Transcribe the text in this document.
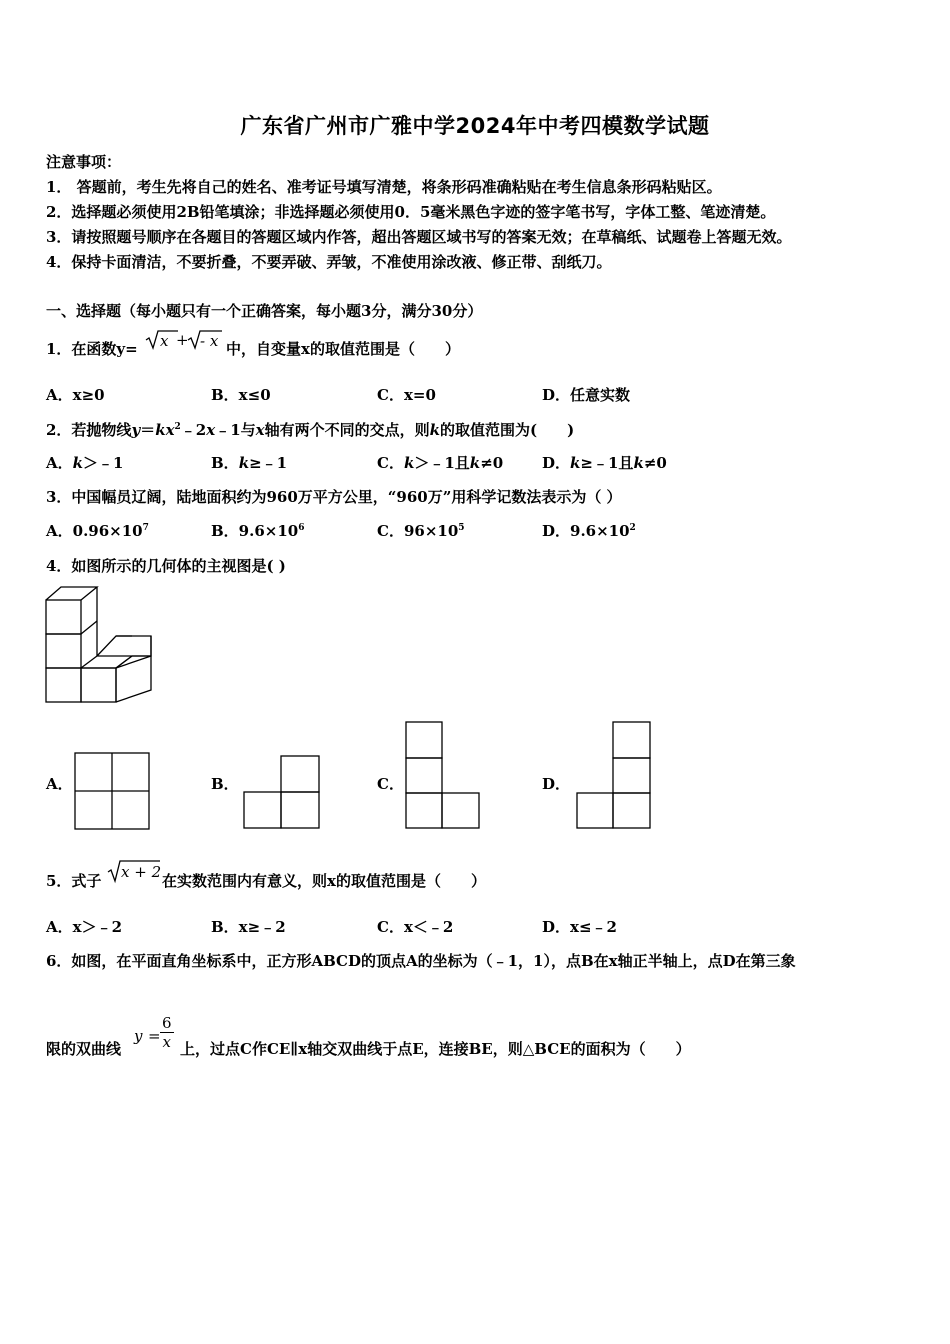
广东省广州市广雅中学2024年中考四模数学试题
注意事项：
1． 答题前，考生先将自己的姓名、准考证号填写清楚，将条形码准确粘贴在考生信息条形码粘贴区。
2．选择题必须使用2B铅笔填涂；非选择题必须使用0．5毫米黑色字迹的签字笔书写，字体工整、笔迹清楚。
3．请按照题号顺序在各题目的答题区域内作答，超出答题区域书写的答案无效；在草稿纸、试题卷上答题无效。
4．保持卡面清洁，不要折叠，不要弄破、弄皱，不准使用涂改液、修正带、刮纸刀。
一、选择题（每小题只有一个正确答案，每小题3分，满分30分）
1．在函数y= x + - x 中，自变量x的取值范围是（　　）
A．x≥0	B．x≤0	C．x=0	D．任意实数
2．若抛物线$y=kx^2﹣2x﹣1$与x轴有两个不同的交点，则k的取值范围为(　　)
A．k＞﹣1	B．k≥﹣1	C．k＞﹣1且k≠0	D．k≥﹣1且k≠0
3．中国幅员辽阔，陆地面积约为960万平方公里，“960万”用科学记数法表示为（ ）
A．$0.96\times 10^7$	B．$9.6\times 10^6$	C．$96\times 10^5$	D．$9.6\times 10^2$
4．如图所示的几何体的主视图是( )
A．	B．	C．	D．
5．式子 x + 2 在实数范围内有意义，则x的取值范围是（　　）
A．x＞﹣2	B．x≥﹣2	C．x＜﹣2	D．x≤﹣2
6．如图，在平面直角坐标系中，正方形ABCD的顶点A的坐标为（﹣1，1），点B在x轴正半轴上，点D在第三象
限的双曲线
$y = \frac{6}{x}$ 上，过点C作CE∥x轴交双曲线于点E，连接BE，则△BCE的面积为（　　）
